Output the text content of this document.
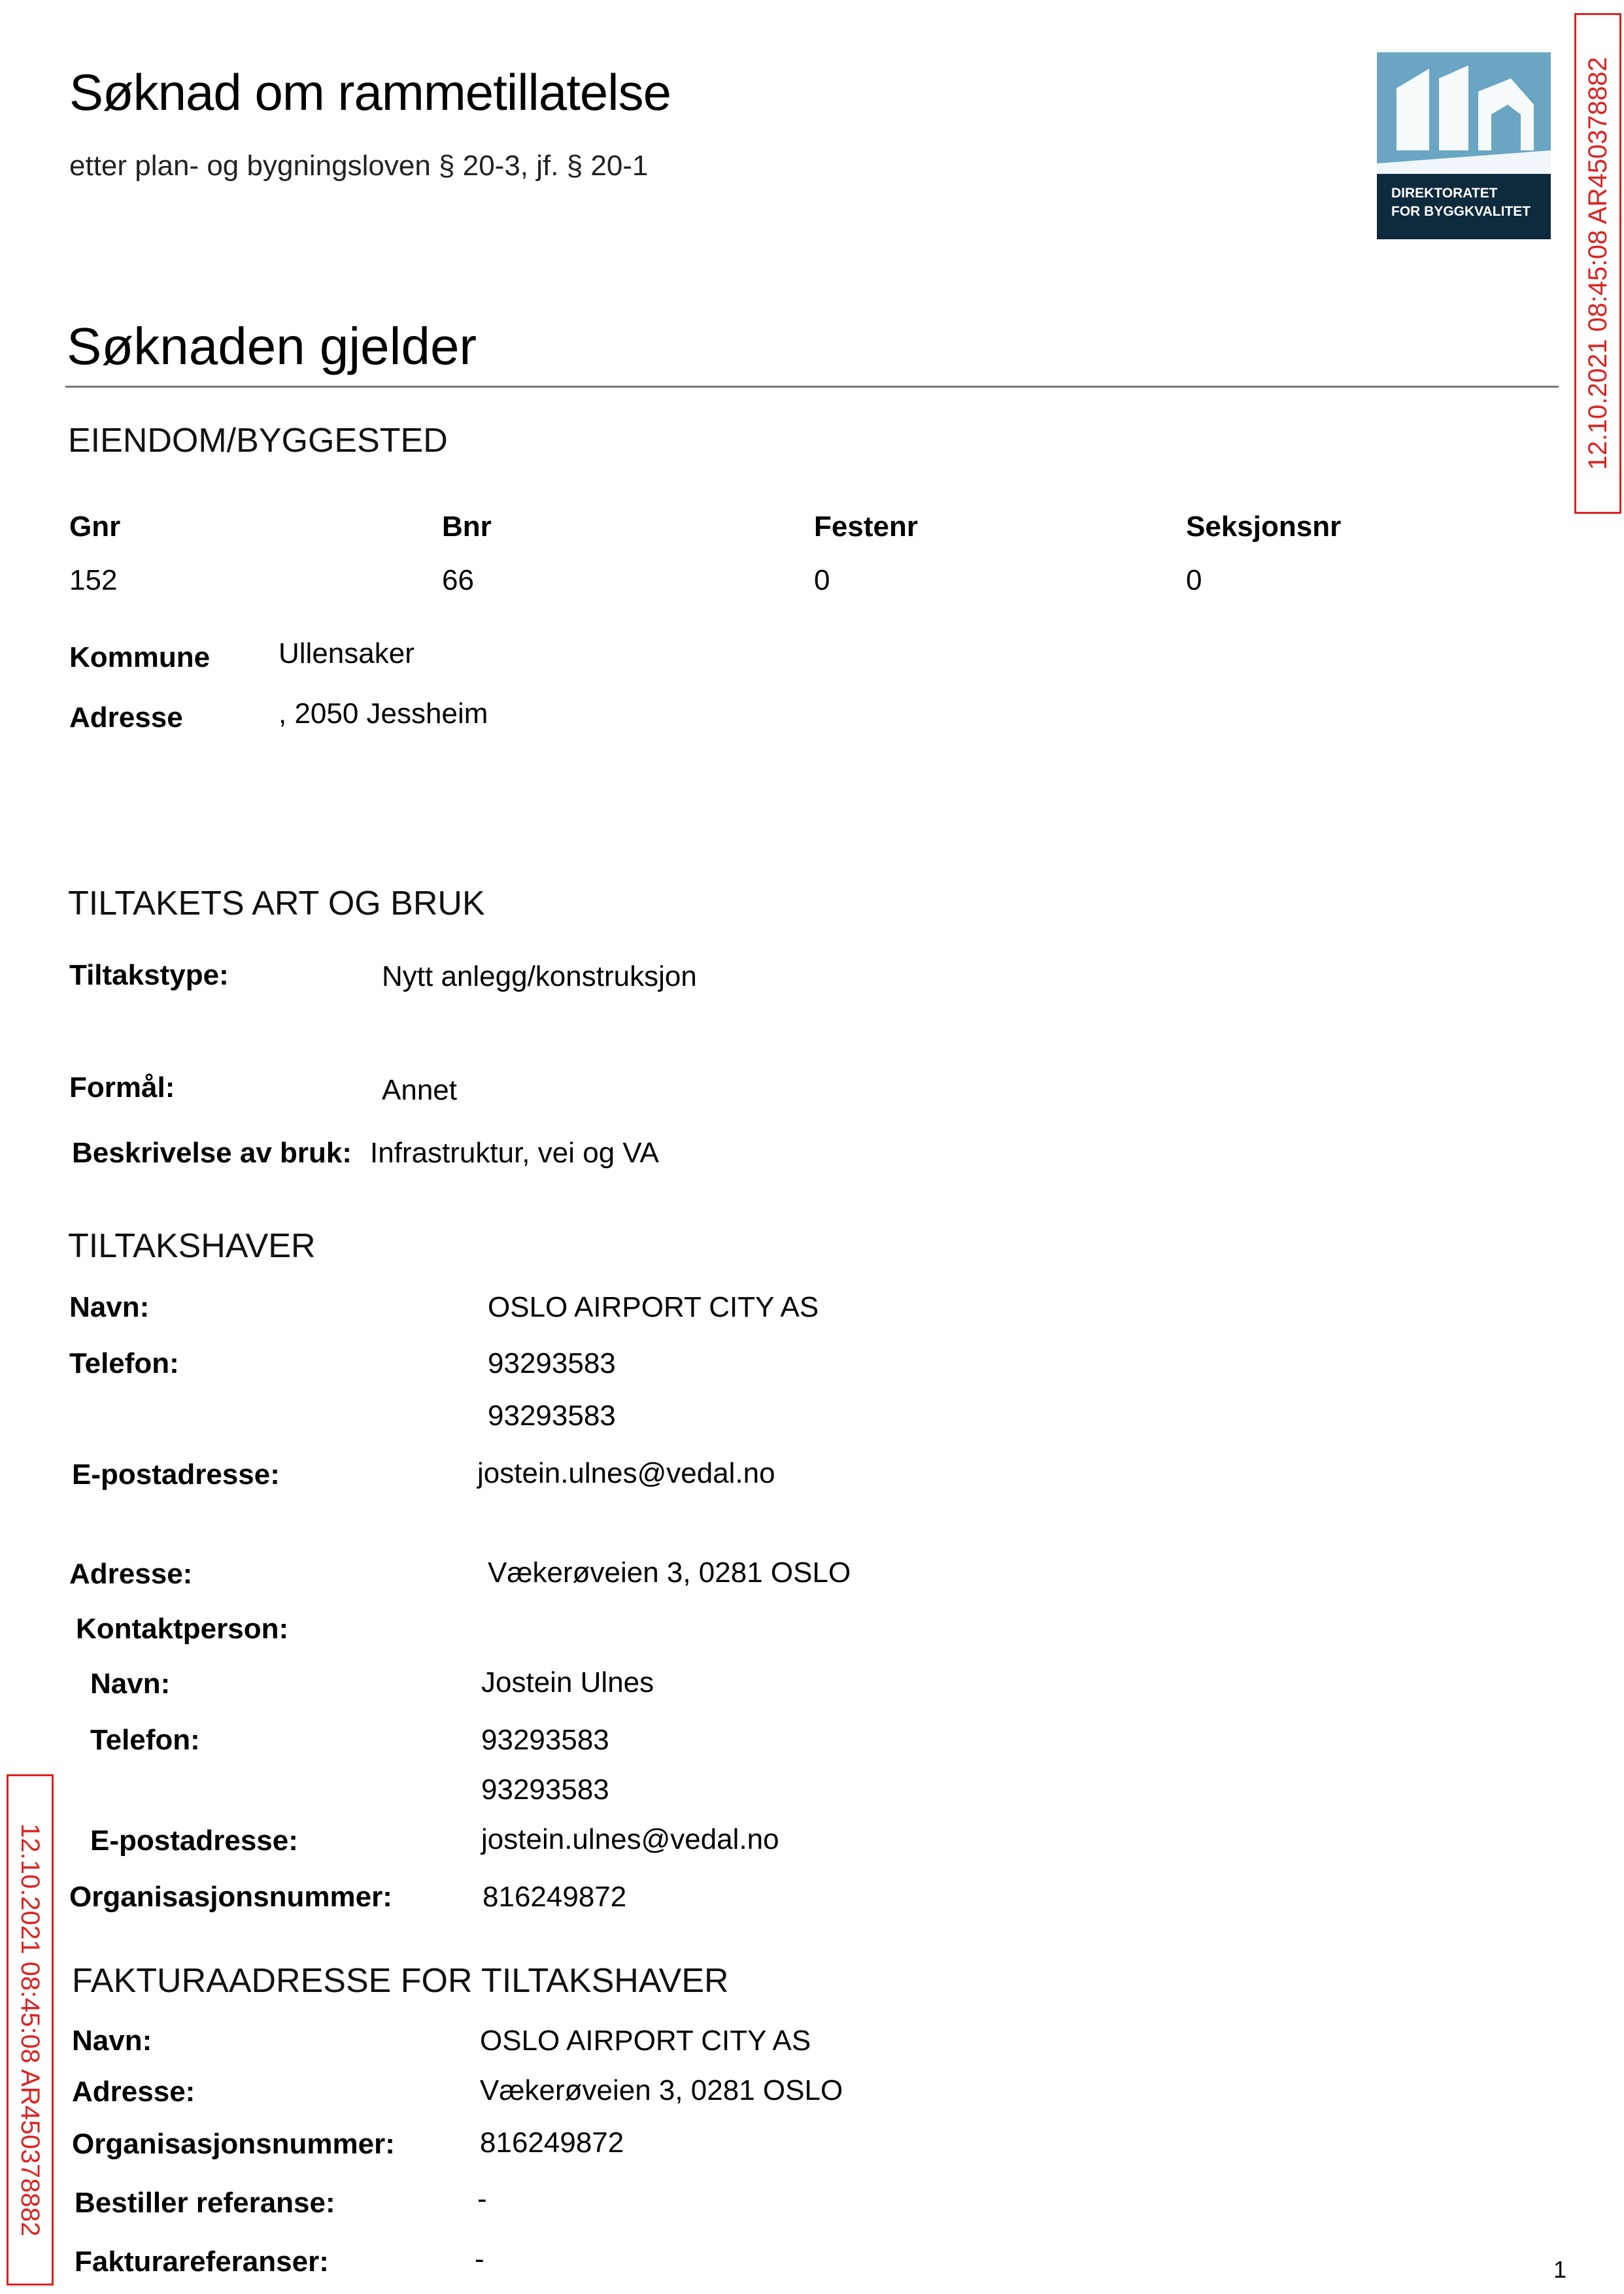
Søknad om rammetillatelse
etter plan- og bygningsloven § 20-3, jf. § 20-1
DIREKTORATET
FOR BYGGKVALITET 12.10.2021 08:45:08 AR450378882
12.10.2021 08:45:08 AR450378882
Søknaden gjelder
EIENDOM/BYGGESTED
Gnr	Bnr	Festenr	Seksjonsnr
152	66	0	0
Kommune Ullensaker
Adresse	, 2050 Jessheim
TILTAKETS ART OG BRUK
Tiltakstype:	Nytt anlegg/konstruksjon
Formål:	Annet
Beskrivelse av bruk: Infrastruktur, vei og VA
TILTAKSHAVER
Navn:	OSLO AIRPORT CITY AS
Telefon:	93293583
93293583
E-postadresse:	jostein.ulnes@vedal.no
Adresse:	Vækerøveien 3, 0281 OSLO
Kontaktperson:
Navn:	Jostein Ulnes
Telefon:	93293583
93293583
E-postadresse:	jostein.ulnes@vedal.no
Organisasjonsnummer:	816249872
FAKTURAADRESSE FOR TILTAKSHAVER
Navn:	OSLO AIRPORT CITY AS
Adresse:	Vækerøveien 3, 0281 OSLO
Organisasjonsnummer:	816249872
Bestiller referanse:	-
Fakturareferanser:	-	1
